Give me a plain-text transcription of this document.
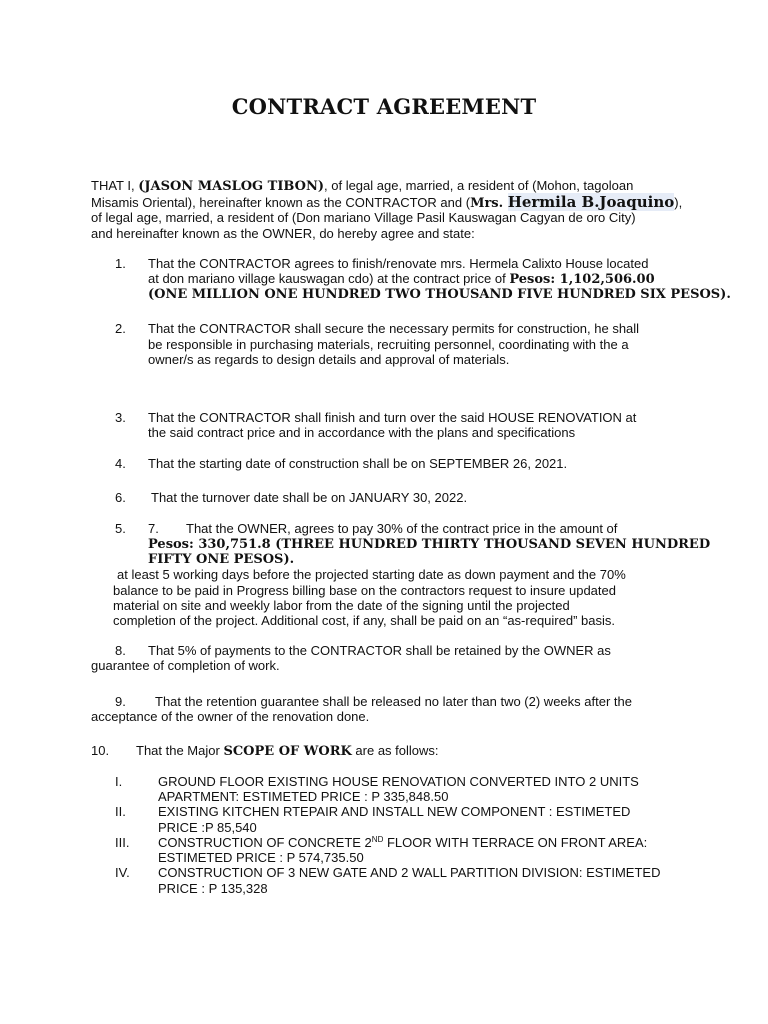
CONTRACT AGREEMENT
THAT I, (JASON MASLOG TIBON), of legal age, married, a resident of (Mohon, tagoloan
Misamis Oriental), hereinafter known as the CONTRACTOR and (Mrs. Hermila B.Joaquino),
of legal age, married, a resident of (Don mariano Village Pasil Kauswagan Cagyan de oro City)
and hereinafter known as the OWNER, do hereby agree and state:
1. That the CONTRACTOR agrees to finish/renovate mrs. Hermela Calixto House located
at don mariano village kauswagan cdo) at the contract price of Pesos: 1,102,506.00
(ONE MILLION ONE HUNDRED TWO THOUSAND FIVE HUNDRED SIX PESOS).
2. That the CONTRACTOR shall secure the necessary permits for construction, he shall
be responsible in purchasing materials, recruiting personnel, coordinating with the a
owner/s as regards to design details and approval of materials.
3. That the CONTRACTOR shall finish and turn over the said HOUSE RENOVATION at
the said contract price and in accordance with the plans and specifications
4. That the starting date of construction shall be on SEPTEMBER 26, 2021.
6. That the turnover date shall be on JANUARY 30, 2022.
5. 7. That the OWNER, agrees to pay 30% of the contract price in the amount of
Pesos: 330,751.8 (THREE HUNDRED THIRTY THOUSAND SEVEN HUNDRED
FIFTY ONE PESOS).
at least 5 working days before the projected starting date as down payment and the 70%
balance to be paid in Progress billing base on the contractors request to insure updated
material on site and weekly labor from the date of the signing until the projected
completion of the project. Additional cost, if any, shall be paid on an “as-required” basis.
8. That 5% of payments to the CONTRACTOR shall be retained by the OWNER as
guarantee of completion of work.
9. That the retention guarantee shall be released no later than two (2) weeks after the
acceptance of the owner of the renovation done.
10. That the Major SCOPE OF WORK are as follows:
I.	GROUND FLOOR EXISTING HOUSE RENOVATION CONVERTED INTO 2 UNITS
APARTMENT: ESTIMETED PRICE : P 335,848.50
II. EXISTING KITCHEN RTEPAIR AND INSTALL NEW COMPONENT : ESTIMETED
PRICE :P 85,540
III. CONSTRUCTION OF CONCRETE 2ND FLOOR WITH TERRACE ON FRONT AREA:
ESTIMETED PRICE : P 574,735.50
IV. CONSTRUCTION OF 3 NEW GATE AND 2 WALL PARTITION DIVISION: ESTIMETED
PRICE : P 135,328
